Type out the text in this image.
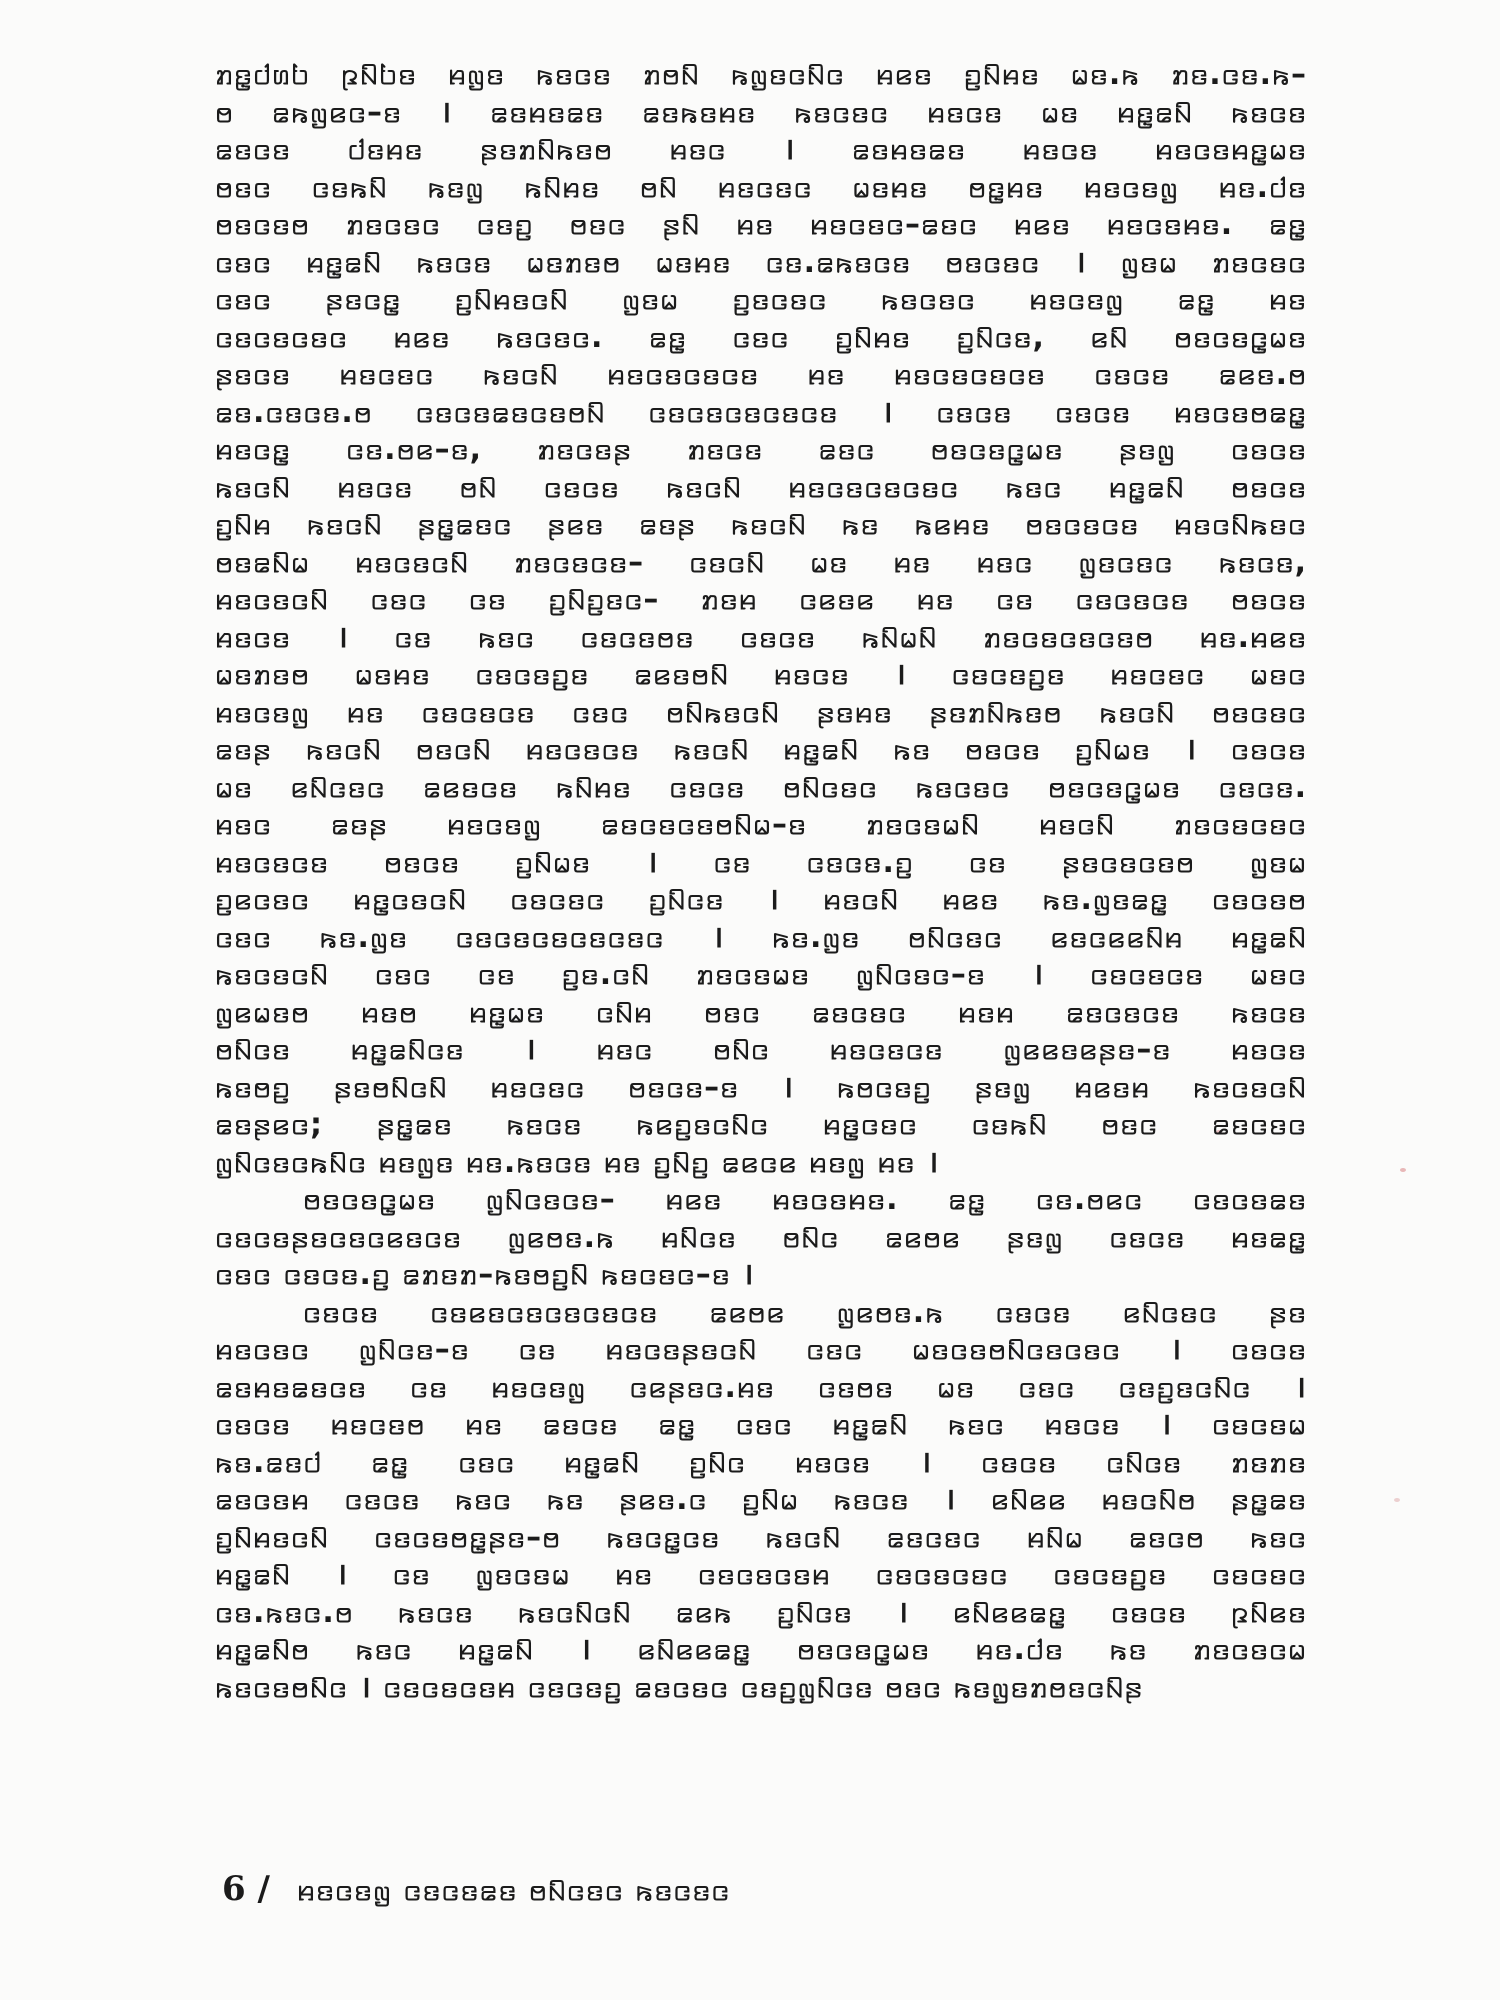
ꤊꤢ꤭ꤓꤛꤝ ꤐꤡꤝꤢ ꤌꤜꤢ ꤒꤢꤍꤢ ꤊꤥꤡ ꤒꤜꤢꤍꤡꤍ ꤌꤕꤢ ꤑꤡꤌꤢ ꤗꤢ.ꤒ ꤊꤢ.ꤍꤢ.ꤒ–
ꤥ ꤘꤒꤜꤕꤍ–ꤢ । ꤘꤢꤌꤢꤘꤢ ꤘꤢꤒꤢꤌꤢ ꤒꤢꤍꤢꤍ ꤌꤢꤍꤢ ꤗꤢ ꤌꤢ꤭ꤘꤡ ꤒꤢꤍꤢ
ꤘꤢꤍꤢ ꤓꤢꤌꤢ ꤔꤢꤊꤡꤒꤢꤥ ꤌꤢꤍ । ꤘꤢꤌꤢꤘꤢ ꤌꤢꤍꤢ ꤌꤢꤍꤢꤌꤢ꤭ꤗꤢ
ꤥꤢꤍ ꤍꤢꤒꤡ ꤒꤢꤜ ꤒꤡꤌꤢ ꤥꤡ ꤌꤢꤍꤢꤍ ꤗꤢꤌꤢ ꤥꤢ꤭ꤌꤢ ꤌꤢꤍꤢꤜ ꤌꤢ.ꤓꤢ
ꤥꤢꤍꤢꤥ ꤊꤢꤍꤢꤍ ꤍꤢꤑ ꤥꤢꤍ ꤔꤡ ꤌꤢ ꤌꤢꤍꤢꤍ–ꤘꤢꤍ ꤌꤕꤢ ꤌꤢꤍꤢꤌꤢ. ꤘꤢ꤭
ꤍꤢꤍ ꤌꤢ꤭ꤘꤡ ꤒꤢꤍꤢ ꤗꤢꤊꤢꤥ ꤗꤢꤌꤢ ꤍꤢ.ꤘꤒꤢꤍꤢ ꤥꤢꤍꤢꤍ । ꤜꤢꤗ ꤊꤢꤍꤢꤍ
ꤍꤢꤍ ꤔꤢꤍꤢ꤭ ꤑꤡꤌꤢꤍꤡ ꤜꤢꤗ ꤑꤢꤍꤢꤍ ꤒꤢꤍꤢꤍ ꤌꤢꤍꤢꤜ ꤘꤢ꤭ ꤌꤢ
ꤍꤢꤍꤢꤍꤢꤍ ꤌꤕꤢ ꤒꤢꤍꤢꤍ. ꤘꤢ꤭ ꤍꤢꤍ ꤑꤡꤌꤢ ꤑꤡꤍꤢ, ꤕꤡ ꤥꤢꤍꤢꤍ꤭ꤗꤢ
ꤔꤢꤍꤢ ꤌꤢꤍꤢꤍ ꤒꤢꤍꤡ ꤌꤢꤍꤢꤍꤢꤍꤢ ꤌꤢ ꤌꤢꤍꤢꤍꤢꤍꤢ ꤍꤢꤍꤢ ꤘꤕꤢ.ꤥ
ꤘꤢ.ꤍꤢꤍꤢ.ꤥ ꤍꤢꤍꤢꤘꤢꤍꤢꤥꤡ ꤍꤢꤍꤢꤍꤢꤍꤢꤍꤢ । ꤍꤢꤍꤢ ꤍꤢꤍꤢ ꤌꤢꤍꤢꤥꤘꤢ꤭
ꤌꤢꤍꤢ꤭ ꤍꤢ.ꤥꤕ–ꤢ, ꤊꤢꤍꤢꤔ ꤊꤢꤍꤢ ꤘꤢꤍ ꤥꤢꤍꤢꤍ꤭ꤗꤢ ꤔꤢꤜ ꤍꤢꤍꤢ
ꤒꤢꤍꤡ ꤌꤢꤍꤢ ꤥꤡ ꤍꤢꤍꤢ ꤒꤢꤍꤡ ꤌꤢꤍꤢꤍꤢꤍꤢꤍ ꤒꤢꤍ ꤌꤢ꤭ꤘꤡ ꤥꤢꤍꤢ
ꤑꤡꤌ ꤒꤢꤍꤡ ꤔꤢ꤭ꤘꤢꤍ ꤔꤕꤢ ꤘꤢꤔ ꤒꤢꤍꤡ ꤒꤢ ꤒꤕꤌꤢ ꤥꤢꤍꤢꤍꤢ ꤌꤢꤍꤡꤒꤢꤍ
ꤥꤢꤘꤡꤗ ꤌꤢꤍꤢꤍꤡ ꤊꤢꤍꤢꤍꤢ– ꤍꤢꤍꤡ ꤗꤢ ꤌꤢ ꤌꤢꤍ ꤜꤢꤍꤢꤍ ꤒꤢꤍꤢ,
ꤌꤢꤍꤢꤍꤡ ꤍꤢꤍ ꤍꤢ ꤑꤡꤑꤢꤍ– ꤊꤢꤌ ꤍꤕꤢꤕ ꤌꤢ ꤍꤢ ꤍꤢꤍꤢꤍꤢ ꤥꤢꤍꤢ
ꤌꤢꤍꤢ । ꤍꤢ ꤒꤢꤍ ꤍꤢꤍꤢꤥꤢ ꤍꤢꤍꤢ ꤒꤡꤗꤡ ꤊꤢꤍꤢꤍꤢꤍꤢꤥ ꤌꤢ.ꤌꤕꤢ
ꤗꤢꤊꤢꤥ ꤗꤢꤌꤢ ꤍꤢꤍꤢꤑꤢ ꤘꤕꤢꤥꤡ ꤌꤢꤍꤢ । ꤍꤢꤍꤢꤑꤢ ꤌꤢꤍꤢꤍ ꤗꤢꤍ
ꤌꤢꤍꤢꤜ ꤌꤢ ꤍꤢꤍꤢꤍꤢ ꤍꤢꤍ ꤥꤡꤒꤢꤍꤡ ꤔꤢꤌꤢ ꤔꤢꤊꤡꤒꤢꤥ ꤒꤢꤍꤡ ꤥꤢꤍꤢꤍ
ꤘꤢꤔ ꤒꤢꤍꤡ ꤥꤢꤍꤡ ꤌꤢꤍꤢꤍꤢ ꤒꤢꤍꤡ ꤌꤢ꤭ꤘꤡ ꤒꤢ ꤥꤢꤍꤢ ꤑꤡꤗꤢ । ꤍꤢꤍꤢ
ꤗꤢ ꤕꤡꤍꤢꤍ ꤘꤕꤢꤍꤢ ꤒꤡꤌꤢ ꤍꤢꤍꤢ ꤥꤡꤍꤢꤍ ꤒꤢꤍꤢꤍ ꤥꤢꤍꤢꤍ꤭ꤗꤢ ꤍꤢꤍꤢ.
ꤌꤢꤍ ꤘꤢꤔ ꤌꤢꤍꤢꤜ ꤘꤢꤍꤢꤍꤢꤥꤡꤗ–ꤢ ꤊꤢꤍꤢꤗꤡ ꤌꤢꤍꤡ ꤊꤢꤍꤢꤍꤢꤍ
ꤌꤢꤍꤢꤍꤢ ꤥꤢꤍꤢ ꤑꤡꤗꤢ । ꤍꤢ ꤍꤢꤍꤢ.ꤑ ꤍꤢ ꤔꤢꤍꤢꤍꤢꤥ ꤜꤢꤗ
ꤑꤕꤍꤢꤍ ꤌꤢ꤭ꤍꤢꤍꤡ ꤍꤢꤍꤢꤍ ꤑꤡꤍꤢ । ꤌꤢꤍꤡ ꤌꤕꤢ ꤒꤢ.ꤜꤢꤘꤢ꤭ ꤍꤢꤍꤢꤥ
ꤍꤢꤍ ꤒꤢ.ꤜꤢ ꤍꤢꤍꤢꤍꤢꤍꤢꤍꤢꤍ । ꤒꤢ.ꤜꤢ ꤥꤡꤍꤢꤍ ꤕꤢꤍꤕꤕꤡꤌ ꤌꤢ꤭ꤘꤡ
ꤒꤢꤍꤢꤍꤡ ꤍꤢꤍ ꤍꤢ ꤑꤢ.ꤍꤡ ꤊꤢꤍꤢꤗꤢ ꤜꤡꤍꤢꤍ–ꤢ । ꤍꤢꤍꤢꤍꤢ ꤗꤢꤍ
ꤜꤕꤗꤢꤥ ꤌꤢꤥ ꤌꤢ꤭ꤗꤢ ꤍꤡꤌ ꤥꤢꤍ ꤘꤢꤍꤢꤍ ꤌꤢꤌ ꤘꤢꤍꤢꤍꤢ ꤒꤢꤍꤢ
ꤥꤡꤍꤢ ꤌꤢ꤭ꤘꤡꤍꤢ । ꤌꤢꤍ ꤥꤡꤍ ꤌꤢꤍꤢꤍꤢ ꤜꤕꤕꤢꤕꤔꤢ–ꤢ ꤌꤢꤍꤢ
ꤒꤢꤥꤑ ꤔꤢꤥꤡꤍꤡ ꤌꤢꤍꤢꤍ ꤥꤢꤍꤢ–ꤢ । ꤒꤥꤍꤢꤑ ꤔꤢꤜ ꤌꤕꤢꤌ ꤒꤢꤍꤢꤍꤡ
ꤘꤢꤔꤕꤍ; ꤔꤢ꤭ꤘꤢ ꤒꤢꤍꤢ ꤒꤕꤑꤢꤍꤡꤍ ꤌꤢ꤭ꤍꤢꤍ ꤍꤢꤒꤡ ꤥꤢꤍ ꤘꤢꤍꤢꤍ
ꤜꤡꤍꤢꤍꤒꤡꤍ ꤌꤢꤜꤢ ꤌꤢ.ꤒꤢꤍꤢ ꤌꤢ ꤑꤡꤑ ꤘꤕꤍꤕ ꤌꤢꤜ ꤌꤢ ।
ꤥꤢꤍꤢꤍ꤭ꤗꤢ ꤜꤡꤍꤢꤍꤢ– ꤌꤕꤢ ꤌꤢꤍꤢꤌꤢ. ꤘꤢ꤭ ꤍꤢ.ꤥꤕꤍ ꤍꤢꤍꤢꤘꤢ
ꤍꤢꤍꤢꤔꤢꤍꤢꤍꤕꤢꤍꤢ ꤜꤕꤥꤢ.ꤒ ꤌꤡꤍꤢ ꤥꤡꤍ ꤘꤕꤥꤕ ꤔꤢꤜ ꤍꤢꤍꤢ ꤌꤢꤘꤢ꤭
ꤍꤢꤍ ꤍꤢꤍꤢ.ꤑ ꤘꤊꤢꤊ–ꤒꤢꤥꤑꤡ ꤒꤢꤍꤢꤍ–ꤢ ।
ꤍꤢꤍꤢ ꤍꤢꤕꤢꤍꤢꤍꤢꤍꤢꤍꤢ ꤘꤕꤥꤕ ꤜꤕꤥꤢ.ꤒ ꤍꤢꤍꤢ ꤕꤡꤍꤢꤍ ꤔꤢ
ꤌꤢꤍꤢꤍ ꤜꤡꤍꤢ–ꤢ ꤍꤢ ꤌꤢꤍꤢꤔꤢꤍꤡ ꤍꤢꤍ ꤗꤢꤍꤢꤥꤡꤍꤢꤍꤢꤍ । ꤍꤢꤍꤢ
ꤘꤢꤌꤢꤘꤢꤍꤢ ꤍꤢ ꤌꤢꤍꤢꤜ ꤍꤕꤔꤢꤍ.ꤌꤢ ꤍꤢꤥꤢ ꤗꤢ ꤍꤢꤍ ꤍꤢꤑꤢꤍꤡꤍ ।
ꤍꤢꤍꤢ ꤌꤢꤍꤢꤥ ꤌꤢ ꤘꤢꤍꤢ ꤘꤢ꤭ ꤍꤢꤍ ꤌꤢ꤭ꤘꤡ ꤒꤢꤍ ꤌꤢꤍꤢ । ꤍꤢꤍꤢꤗ
ꤒꤢ.ꤘꤢꤓ ꤘꤢ꤭ ꤍꤢꤍ ꤌꤢ꤭ꤘꤡ ꤑꤡꤍ ꤌꤢꤍꤢ । ꤍꤢꤍꤢ ꤍꤡꤍꤢ ꤊꤢꤊꤢ
ꤘꤢꤍꤢꤌ ꤍꤢꤍꤢ ꤒꤢꤍ ꤒꤢ ꤔꤕꤢ.ꤍ ꤑꤡꤗ ꤒꤢꤍꤢ । ꤕꤡꤕꤕ ꤌꤢꤍꤡꤥ ꤔꤢ꤭ꤘꤢ
ꤑꤡꤌꤢꤍꤡ ꤍꤢꤍꤢꤥꤢ꤭ꤔꤢ–ꤥ ꤒꤢꤍꤢ꤭ꤍꤢ ꤒꤢꤍꤡ ꤘꤢꤍꤢꤍ ꤌꤡꤗ ꤘꤢꤍꤥ ꤒꤢꤍ
ꤌꤢ꤭ꤘꤡ । ꤍꤢ ꤜꤢꤍꤢꤗ ꤌꤢ ꤍꤢꤍꤢꤍꤢꤌ ꤍꤢꤍꤢꤍꤢꤍ ꤍꤢꤍꤢꤑꤢ ꤍꤢꤍꤢꤍ
ꤍꤢ.ꤒꤢꤍ.ꤥ ꤒꤢꤍꤢ ꤒꤢꤍꤡꤍꤡ ꤘꤕꤒ ꤑꤡꤍꤢ । ꤕꤡꤕꤕꤘꤢ꤭ ꤍꤢꤍꤢ ꤐꤡꤕꤢ
ꤌꤢ꤭ꤘꤡꤥ ꤒꤢꤍ ꤌꤢ꤭ꤘꤡ । ꤕꤡꤕꤕꤘꤢ꤭ ꤥꤢꤍꤢꤍ꤭ꤗꤢ ꤌꤢ.ꤓꤢ ꤒꤢ ꤊꤢꤍꤢꤍꤗ
ꤒꤢꤍꤢꤥꤡꤍ । ꤍꤢꤍꤢꤍꤢꤌ ꤍꤢꤍꤢꤑ ꤘꤢꤍꤢꤍ ꤍꤢꤑꤜꤡꤍꤢ ꤥꤢꤍ ꤒꤢꤜꤢꤊꤥꤢꤍꤡꤔ
6 / ꤌꤢꤍꤢꤜ ꤍꤢꤍꤢꤘꤢ ꤥꤡꤍꤢꤍ ꤒꤢꤍꤢꤍ
